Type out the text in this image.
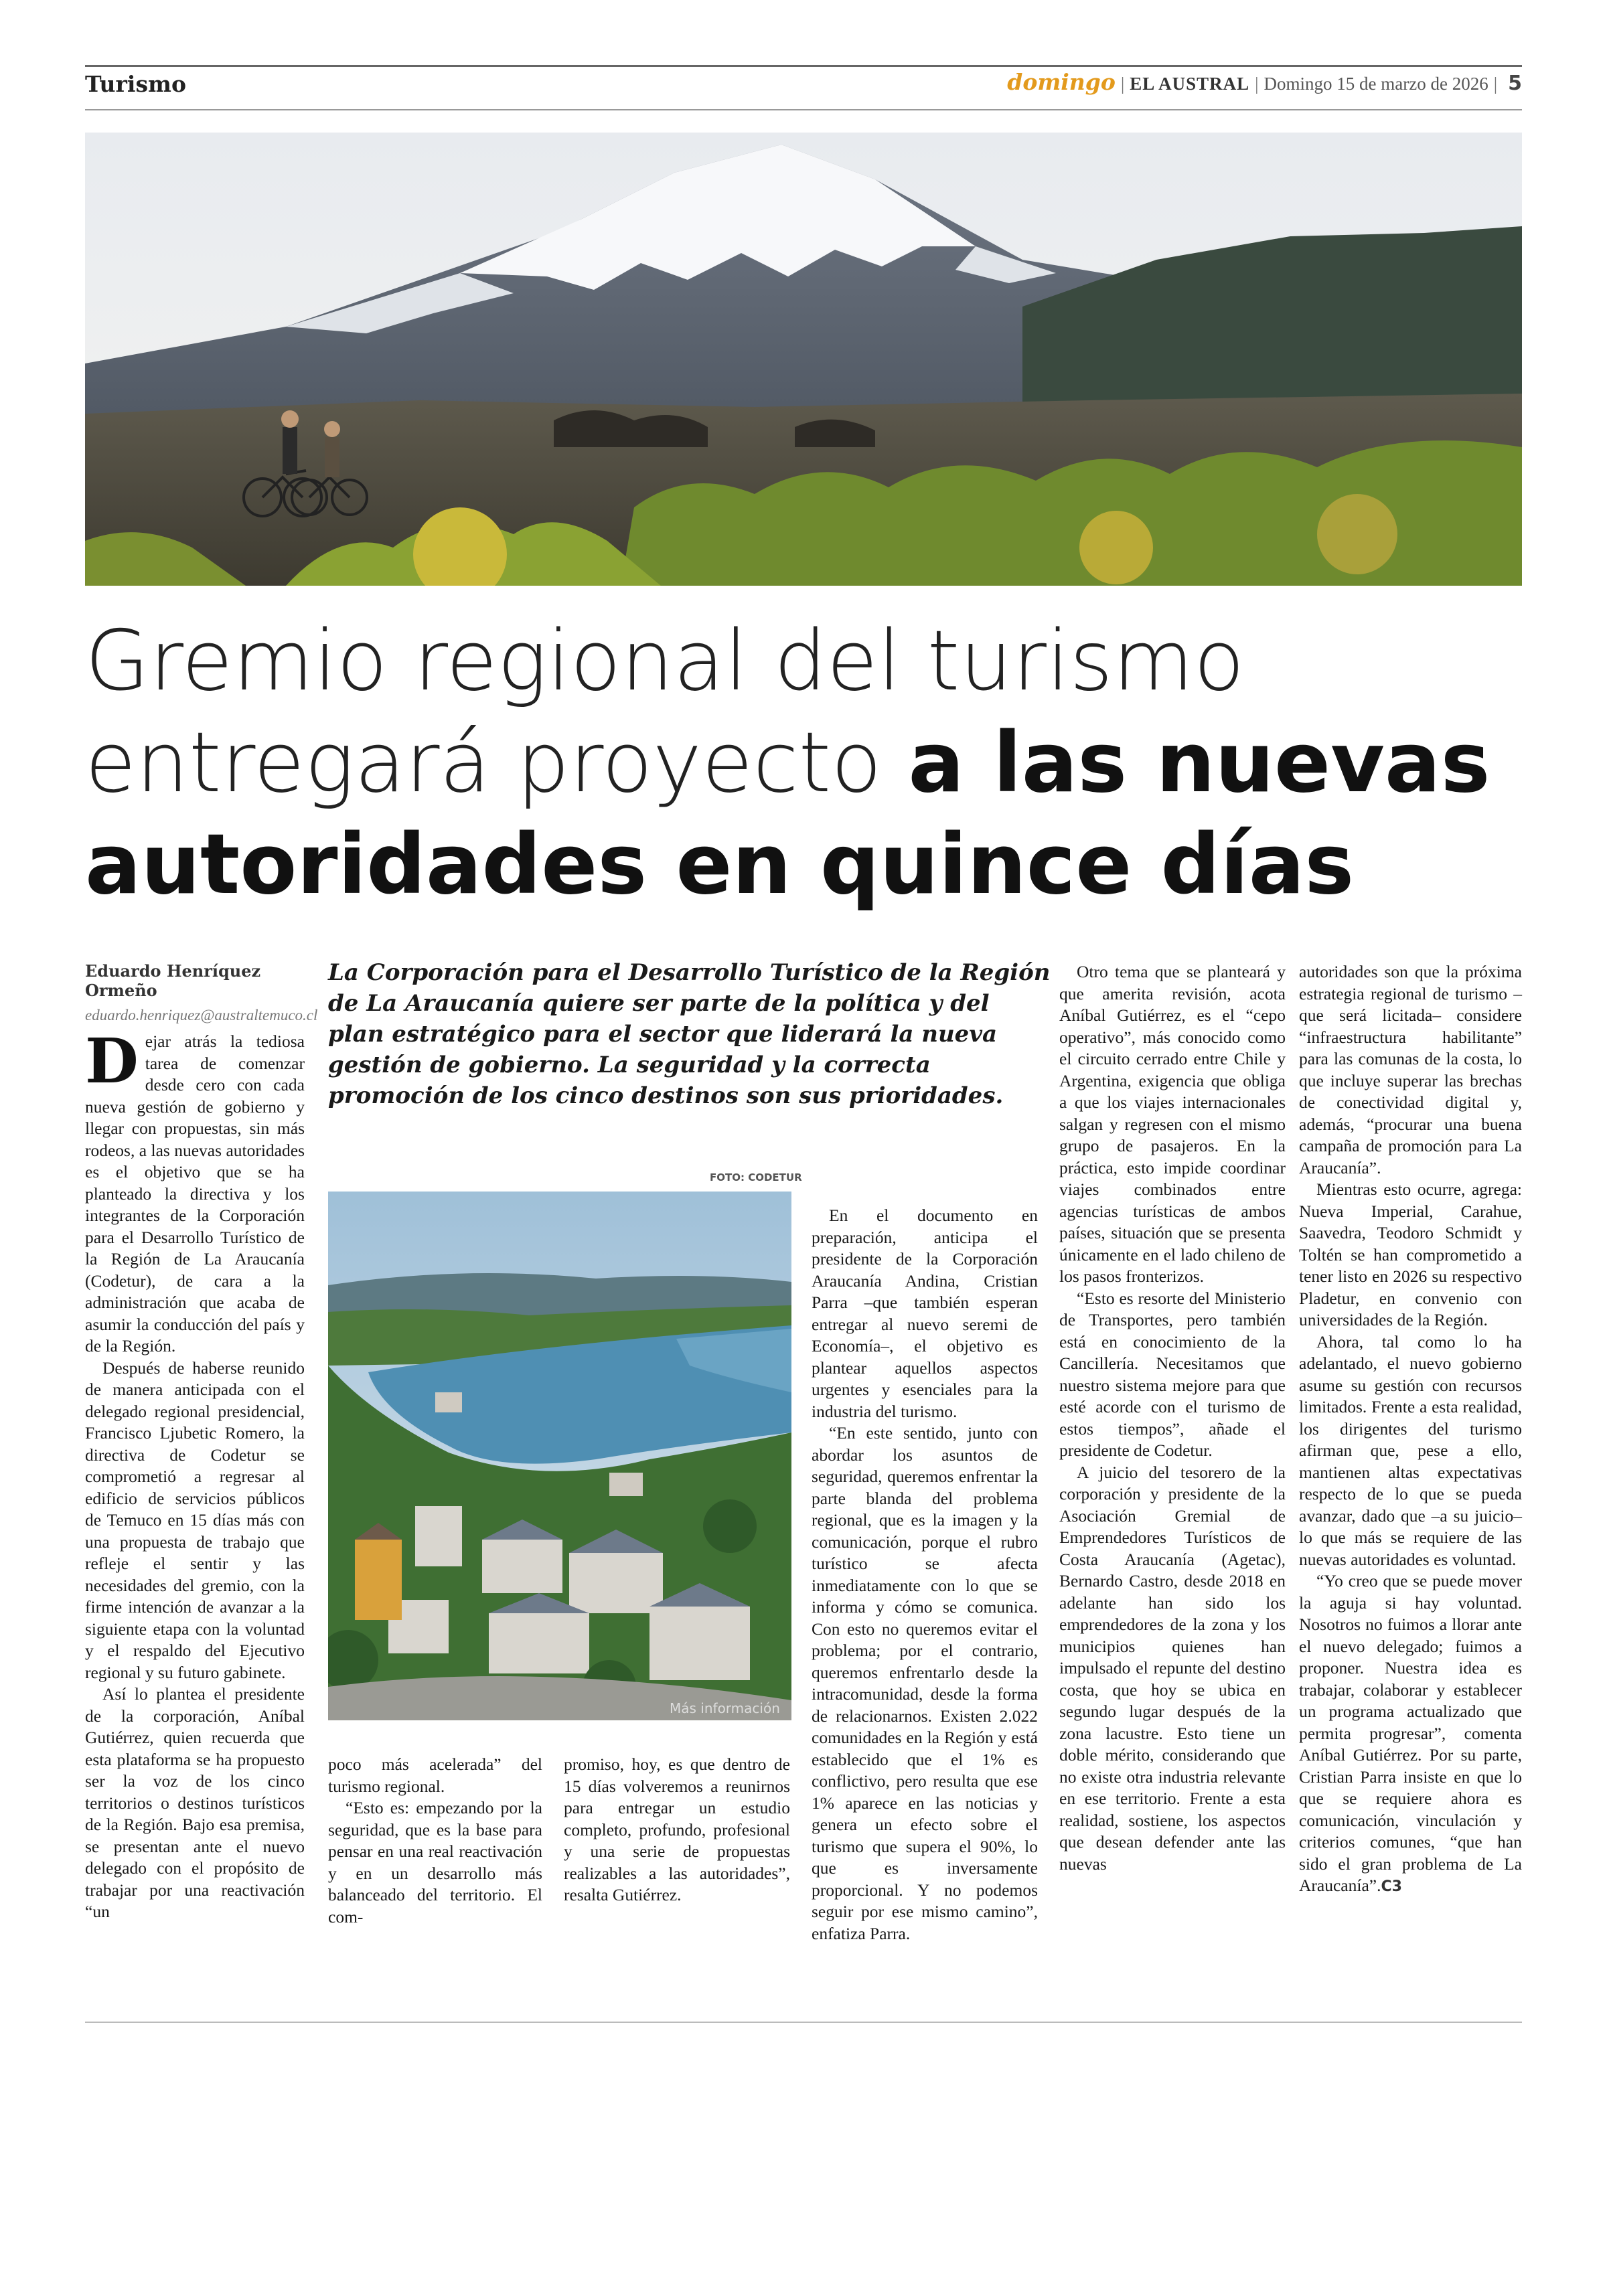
Turismo	domingo | EL AUSTRAL | Domingo 15 de marzo de 2026 | 5
Gremio regional del turismo
entregará proyecto a las nuevas
autoridades en quince días
Eduardo Henríquez Ormeño
eduardo.henriquez@australtemuco.cl
La Corporación para el Desarrollo Turístico de la Región de La Araucanía quiere ser parte de la política y del plan estratégico para el sector que liderará la nueva gestión de gobierno. La seguridad y la correcta promoción de los cinco destinos son sus prioridades.
FOTO: CODETUR
Más información

Dejar atrás la tediosa tarea de comenzar desde cero con cada nueva gestión de gobierno y llegar con propuestas, sin más rodeos, a las nuevas autoridades es el objetivo que se ha planteado la directiva y los integrantes de la Corporación para el Desarrollo Turístico de la Región de La Araucanía (Codetur), de cara a la administración que acaba de asumir la conducción del país y de la Región.

Después de haberse reunido de manera anticipada con el delegado regional presidencial, Francisco Ljubetic Romero, la directiva de Codetur se comprometió a regresar al edificio de servicios públicos de Temuco en 15 días más con una propuesta de trabajo que refleje el sentir y las necesidades del gremio, con la firme intención de avanzar a la siguiente etapa con la voluntad y el respaldo del Ejecutivo regional y su futuro gabinete.

Así lo plantea el presidente de la corporación, Aníbal Gutiérrez, quien recuerda que esta plataforma se ha propuesto ser la voz de los cinco territorios o destinos turísticos de la Región. Bajo esa premisa, se presentan ante el nuevo delegado con el propósito de trabajar por una reactivación “un

poco más acelerada” del turismo regional.

“Esto es: empezando por la seguridad, que es la base para pensar en una real reactivación y en un desarrollo más balanceado del territorio. El com-

promiso, hoy, es que dentro de 15 días volveremos a reunirnos para entregar un estudio completo, profundo, profesional y una serie de propuestas realizables a las autoridades”, resalta Gutiérrez.

En el documento en preparación, anticipa el presidente de la Corporación Araucanía Andina, Cristian Parra –que también esperan entregar al nuevo seremi de Economía–, el objetivo es plantear aquellos aspectos urgentes y esenciales para la industria del turismo.

“En este sentido, junto con abordar los asuntos de seguridad, queremos enfrentar la parte blanda del problema regional, que es la imagen y la comunicación, porque el rubro turístico se afecta inmediatamente con lo que se informa y cómo se comunica. Con esto no queremos evitar el problema; por el contrario, queremos enfrentarlo desde la intracomunidad, desde la forma de relacionarnos. Existen 2.022 comunidades en la Región y está establecido que el 1% es conflictivo, pero resulta que ese 1% aparece en las noticias y genera un efecto sobre el turismo que supera el 90%, lo que es inversamente proporcional. Y no podemos seguir por ese mismo camino”, enfatiza Parra.

Otro tema que se planteará y que amerita revisión, acota Aníbal Gutiérrez, es el “cepo operativo”, más conocido como el circuito cerrado entre Chile y Argentina, exigencia que obliga a que los viajes internacionales salgan y regresen con el mismo grupo de pasajeros. En la práctica, esto impide coordinar viajes combinados entre agencias turísticas de ambos países, situación que se presenta únicamente en el lado chileno de los pasos fronterizos.

“Esto es resorte del Ministerio de Transportes, pero también está en conocimiento de la Cancillería. Necesitamos que nuestro sistema mejore para que esté acorde con el turismo de estos tiempos”, añade el presidente de Codetur.

A juicio del tesorero de la corporación y presidente de la Asociación Gremial de Emprendedores Turísticos de Costa Araucanía (Agetac), Bernardo Castro, desde 2018 en adelante han sido los emprendedores de la zona y los municipios quienes han impulsado el repunte del destino costa, que hoy se ubica en segundo lugar después de la zona lacustre. Esto tiene un doble mérito, considerando que no existe otra industria relevante en ese territorio. Frente a esta realidad, sostiene, los aspectos que desean defender ante las nuevas

autoridades son que la próxima estrategia regional de turismo –que será licitada– considere “infraestructura habilitante” para las comunas de la costa, lo que incluye superar las brechas de conectividad digital y, además, “procurar una buena campaña de promoción para La Araucanía”.

Mientras esto ocurre, agrega: Nueva Imperial, Carahue, Saavedra, Teodoro Schmidt y Toltén se han comprometido a tener listo en 2026 su respectivo Pladetur, en convenio con universidades de la Región.

Ahora, tal como lo ha adelantado, el nuevo gobierno asume su gestión con recursos limitados. Frente a esta realidad, los dirigentes del turismo afirman que, pese a ello, mantienen altas expectativas respecto de lo que se pueda avanzar, dado que –a su juicio– lo que más se requiere de las nuevas autoridades es voluntad.

“Yo creo que se puede mover la aguja si hay voluntad. Nosotros no fuimos a llorar ante el nuevo delegado; fuimos a proponer. Nuestra idea es trabajar, colaborar y establecer un programa actualizado que permita progresar”, comenta Aníbal Gutiérrez. Por su parte, Cristian Parra insiste en que lo que se requiere ahora es comunicación, vinculación y criterios comunes, “que han sido el gran problema de La Araucanía”.C3
